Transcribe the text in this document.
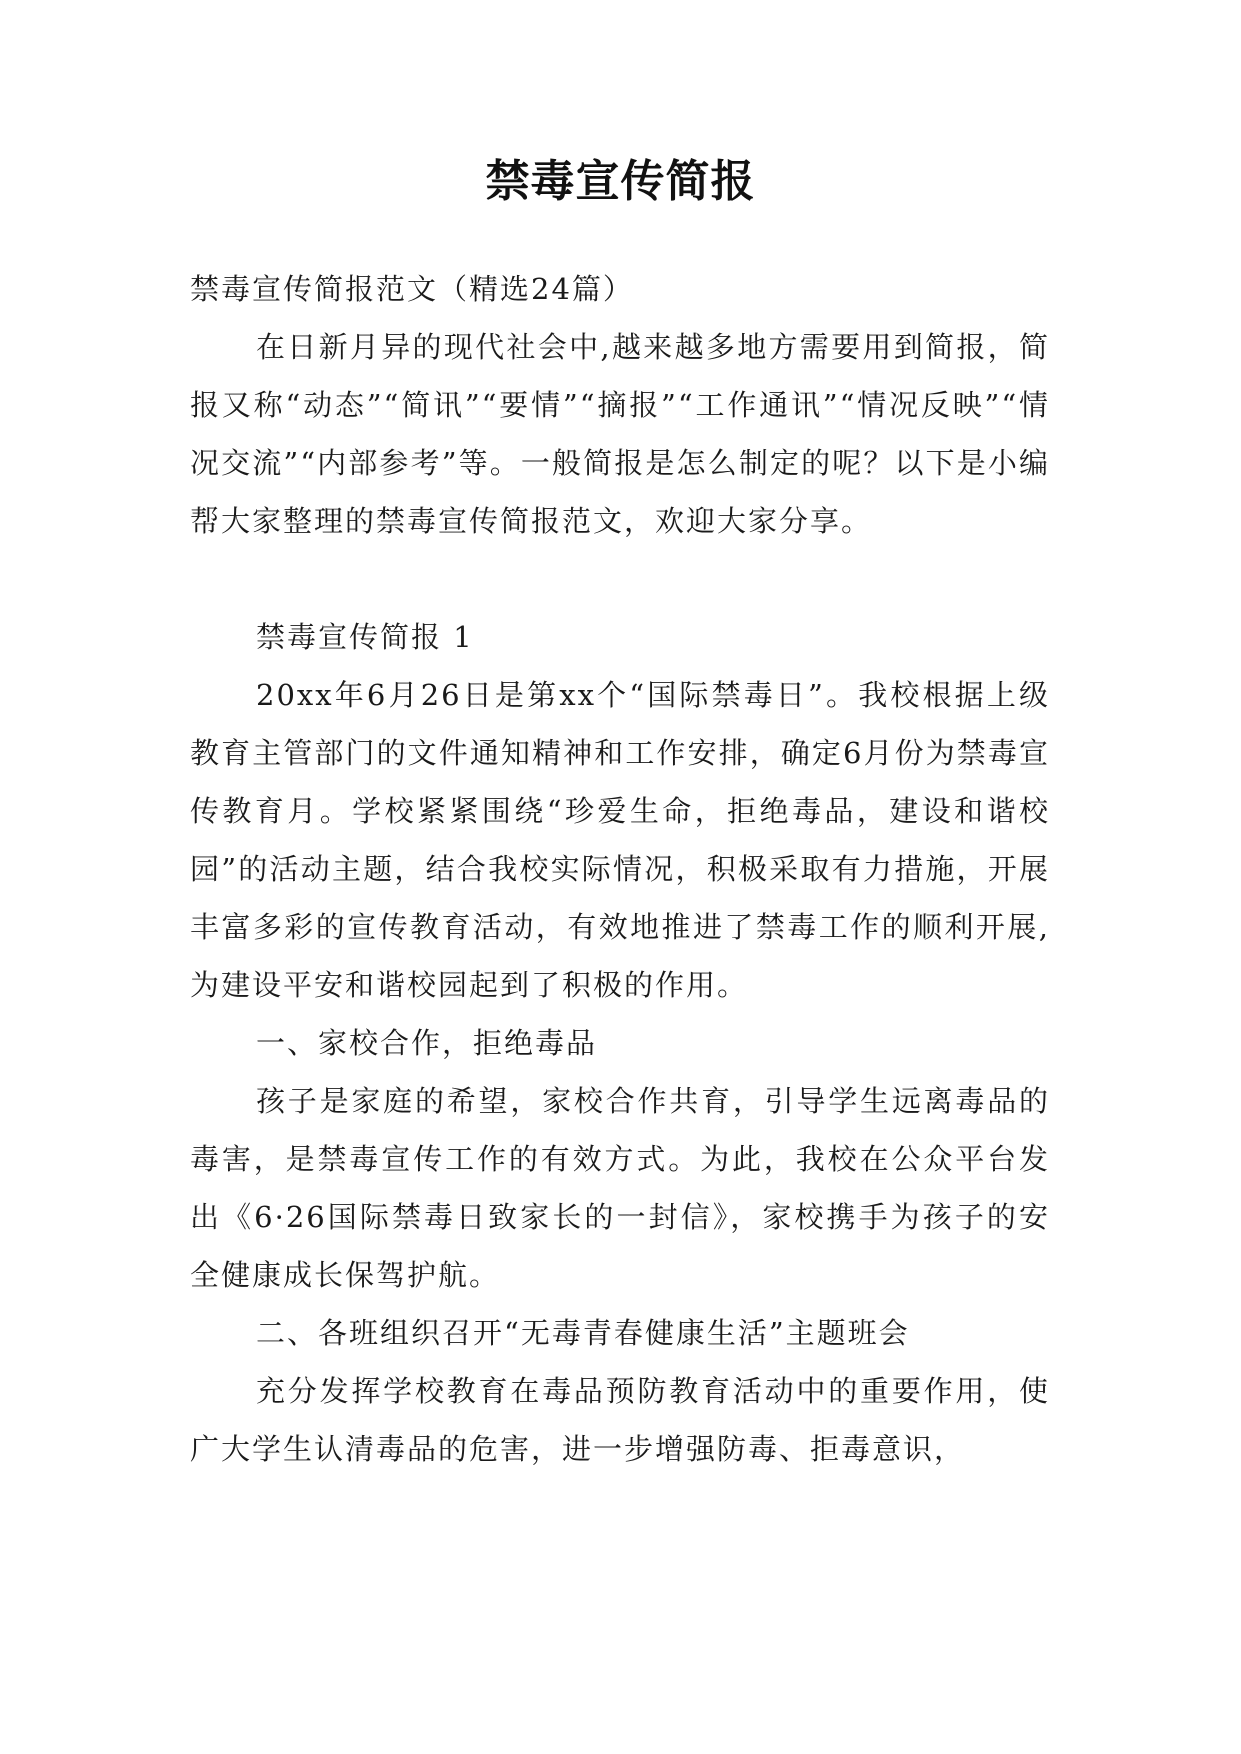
禁毒宣传简报

禁毒宣传简报范文（精选24篇）

在日新月异的现代社会中,越来越多地方需要用到简报，简报又称“动态”“简讯”“要情”“摘报”“工作通讯”“情况反映”“情况交流”“内部参考”等。一般简报是怎么制定的呢？以下是小编帮大家整理的禁毒宣传简报范文，欢迎大家分享。

禁毒宣传简报 1

20xx年6月26日是第xx个“国际禁毒日”。我校根据上级教育主管部门的文件通知精神和工作安排，确定6月份为禁毒宣传教育月。学校紧紧围绕“珍爱生命，拒绝毒品，建设和谐校园”的活动主题，结合我校实际情况，积极采取有力措施，开展丰富多彩的宣传教育活动，有效地推进了禁毒工作的顺利开展,为建设平安和谐校园起到了积极的作用。

一、家校合作，拒绝毒品

孩子是家庭的希望，家校合作共育，引导学生远离毒品的毒害，是禁毒宣传工作的有效方式。为此，我校在公众平台发出《6·26国际禁毒日致家长的一封信》，家校携手为孩子的安全健康成长保驾护航。

二、各班组织召开“无毒青春健康生活”主题班会

充分发挥学校教育在毒品预防教育活动中的重要作用，使广大学生认清毒品的危害，进一步增强防毒、拒毒意识，
